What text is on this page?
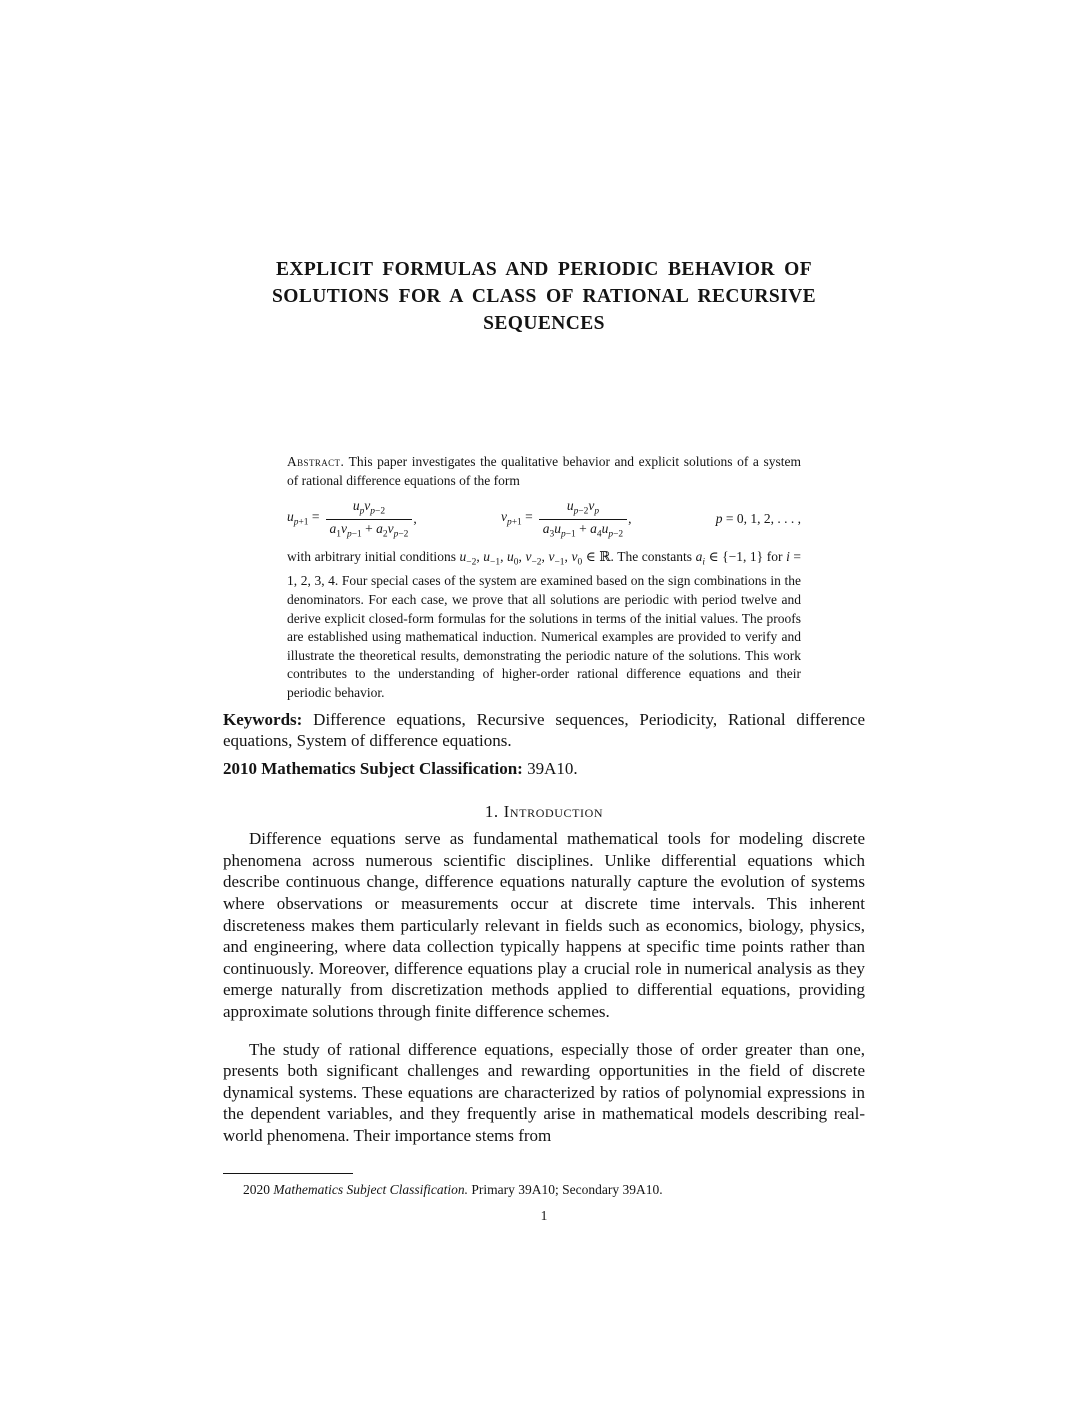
EXPLICIT FORMULAS AND PERIODIC BEHAVIOR OF
SOLUTIONS FOR A CLASS OF RATIONAL RECURSIVE
SEQUENCES
Abstract. This paper investigates the qualitative behavior and explicit solutions of a system of rational difference equations of the form
$u_{p+1} = \frac{u_pv_{p-2}}{a_1v_{p-1} + a_2v_{p-2}}$ ,	$v_{p+1} = \frac{u_{p-2}v_p}{a_3u_{p-1} + a_4u_{p-2}}$ ,	p = 0, 1, 2, . . . ,
with arbitrary initial conditions $u_{-2}$, $u_{-1}$, $u_0$, $v_{-2}$, $v_{-1}$, $v_0$ ∈ ℝ. The constants $a_i$ ∈ {−1, 1} for i = 1, 2, 3, 4. Four special cases of the system are examined based on the sign combinations in the denominators. For each case, we prove that all solutions are periodic with period twelve and derive explicit closed-form formulas for the solutions in terms of the initial values. The proofs are established using mathematical induction. Numerical examples are provided to verify and illustrate the theoretical results, demonstrating the periodic nature of the solutions. This work contributes to the understanding of higher-order rational difference equations and their periodic behavior.

Keywords: Difference equations, Recursive sequences, Periodicity, Rational difference equations, System of difference equations.

2010 Mathematics Subject Classification: 39A10.

1. Introduction

Difference equations serve as fundamental mathematical tools for modeling discrete phenomena across numerous scientific disciplines. Unlike differential equations which describe continuous change, difference equations naturally capture the evolution of systems where observations or measurements occur at discrete time intervals. This inherent discreteness makes them particularly relevant in fields such as economics, biology, physics, and engineering, where data collection typically happens at specific time points rather than continuously. Moreover, difference equations play a crucial role in numerical analysis as they emerge naturally from discretization methods applied to differential equations, providing approximate solutions through finite difference schemes.

The study of rational difference equations, especially those of order greater than one, presents both significant challenges and rewarding opportunities in the field of discrete dynamical systems. These equations are characterized by ratios of polynomial expressions in the dependent variables, and they frequently arise in mathematical models describing real-world phenomena. Their importance stems from

2020 Mathematics Subject Classification. Primary 39A10; Secondary 39A10.
1
